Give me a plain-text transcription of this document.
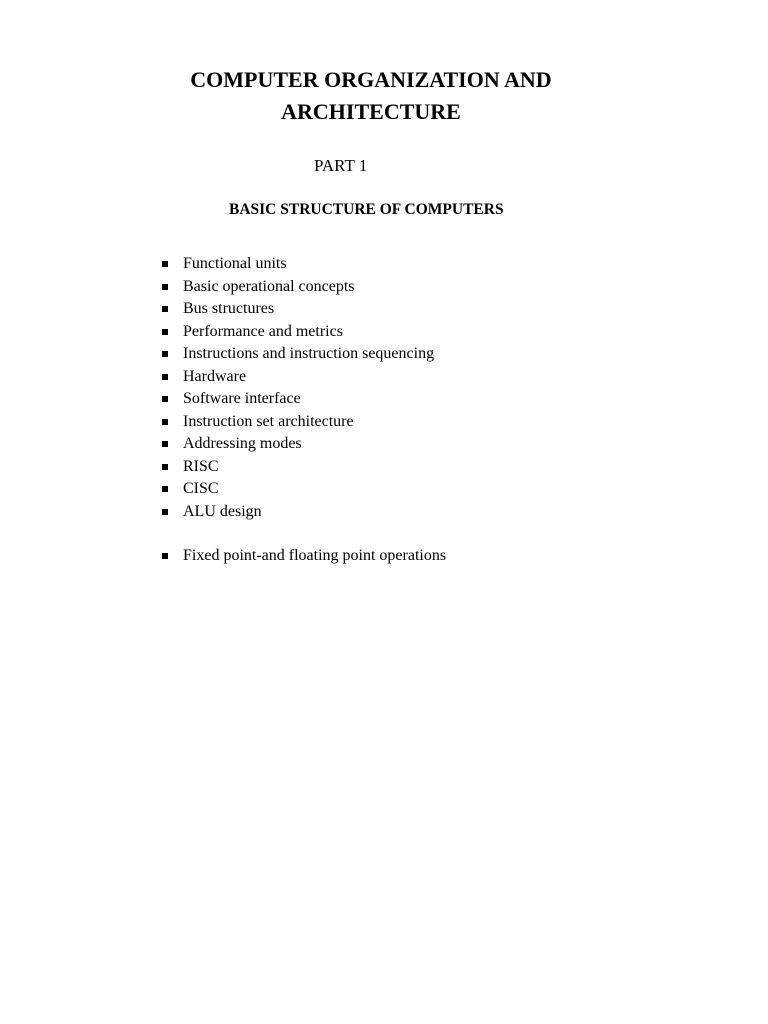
COMPUTER ORGANIZATION AND
ARCHITECTURE

PART 1

BASIC STRUCTURE OF COMPUTERS
Functional units
Basic operational concepts
Bus structures
Performance and metrics
Instructions and instruction sequencing
Hardware
Software interface
Instruction set architecture
Addressing modes
RISC
CISC
ALU design
Fixed point-and floating point operations
